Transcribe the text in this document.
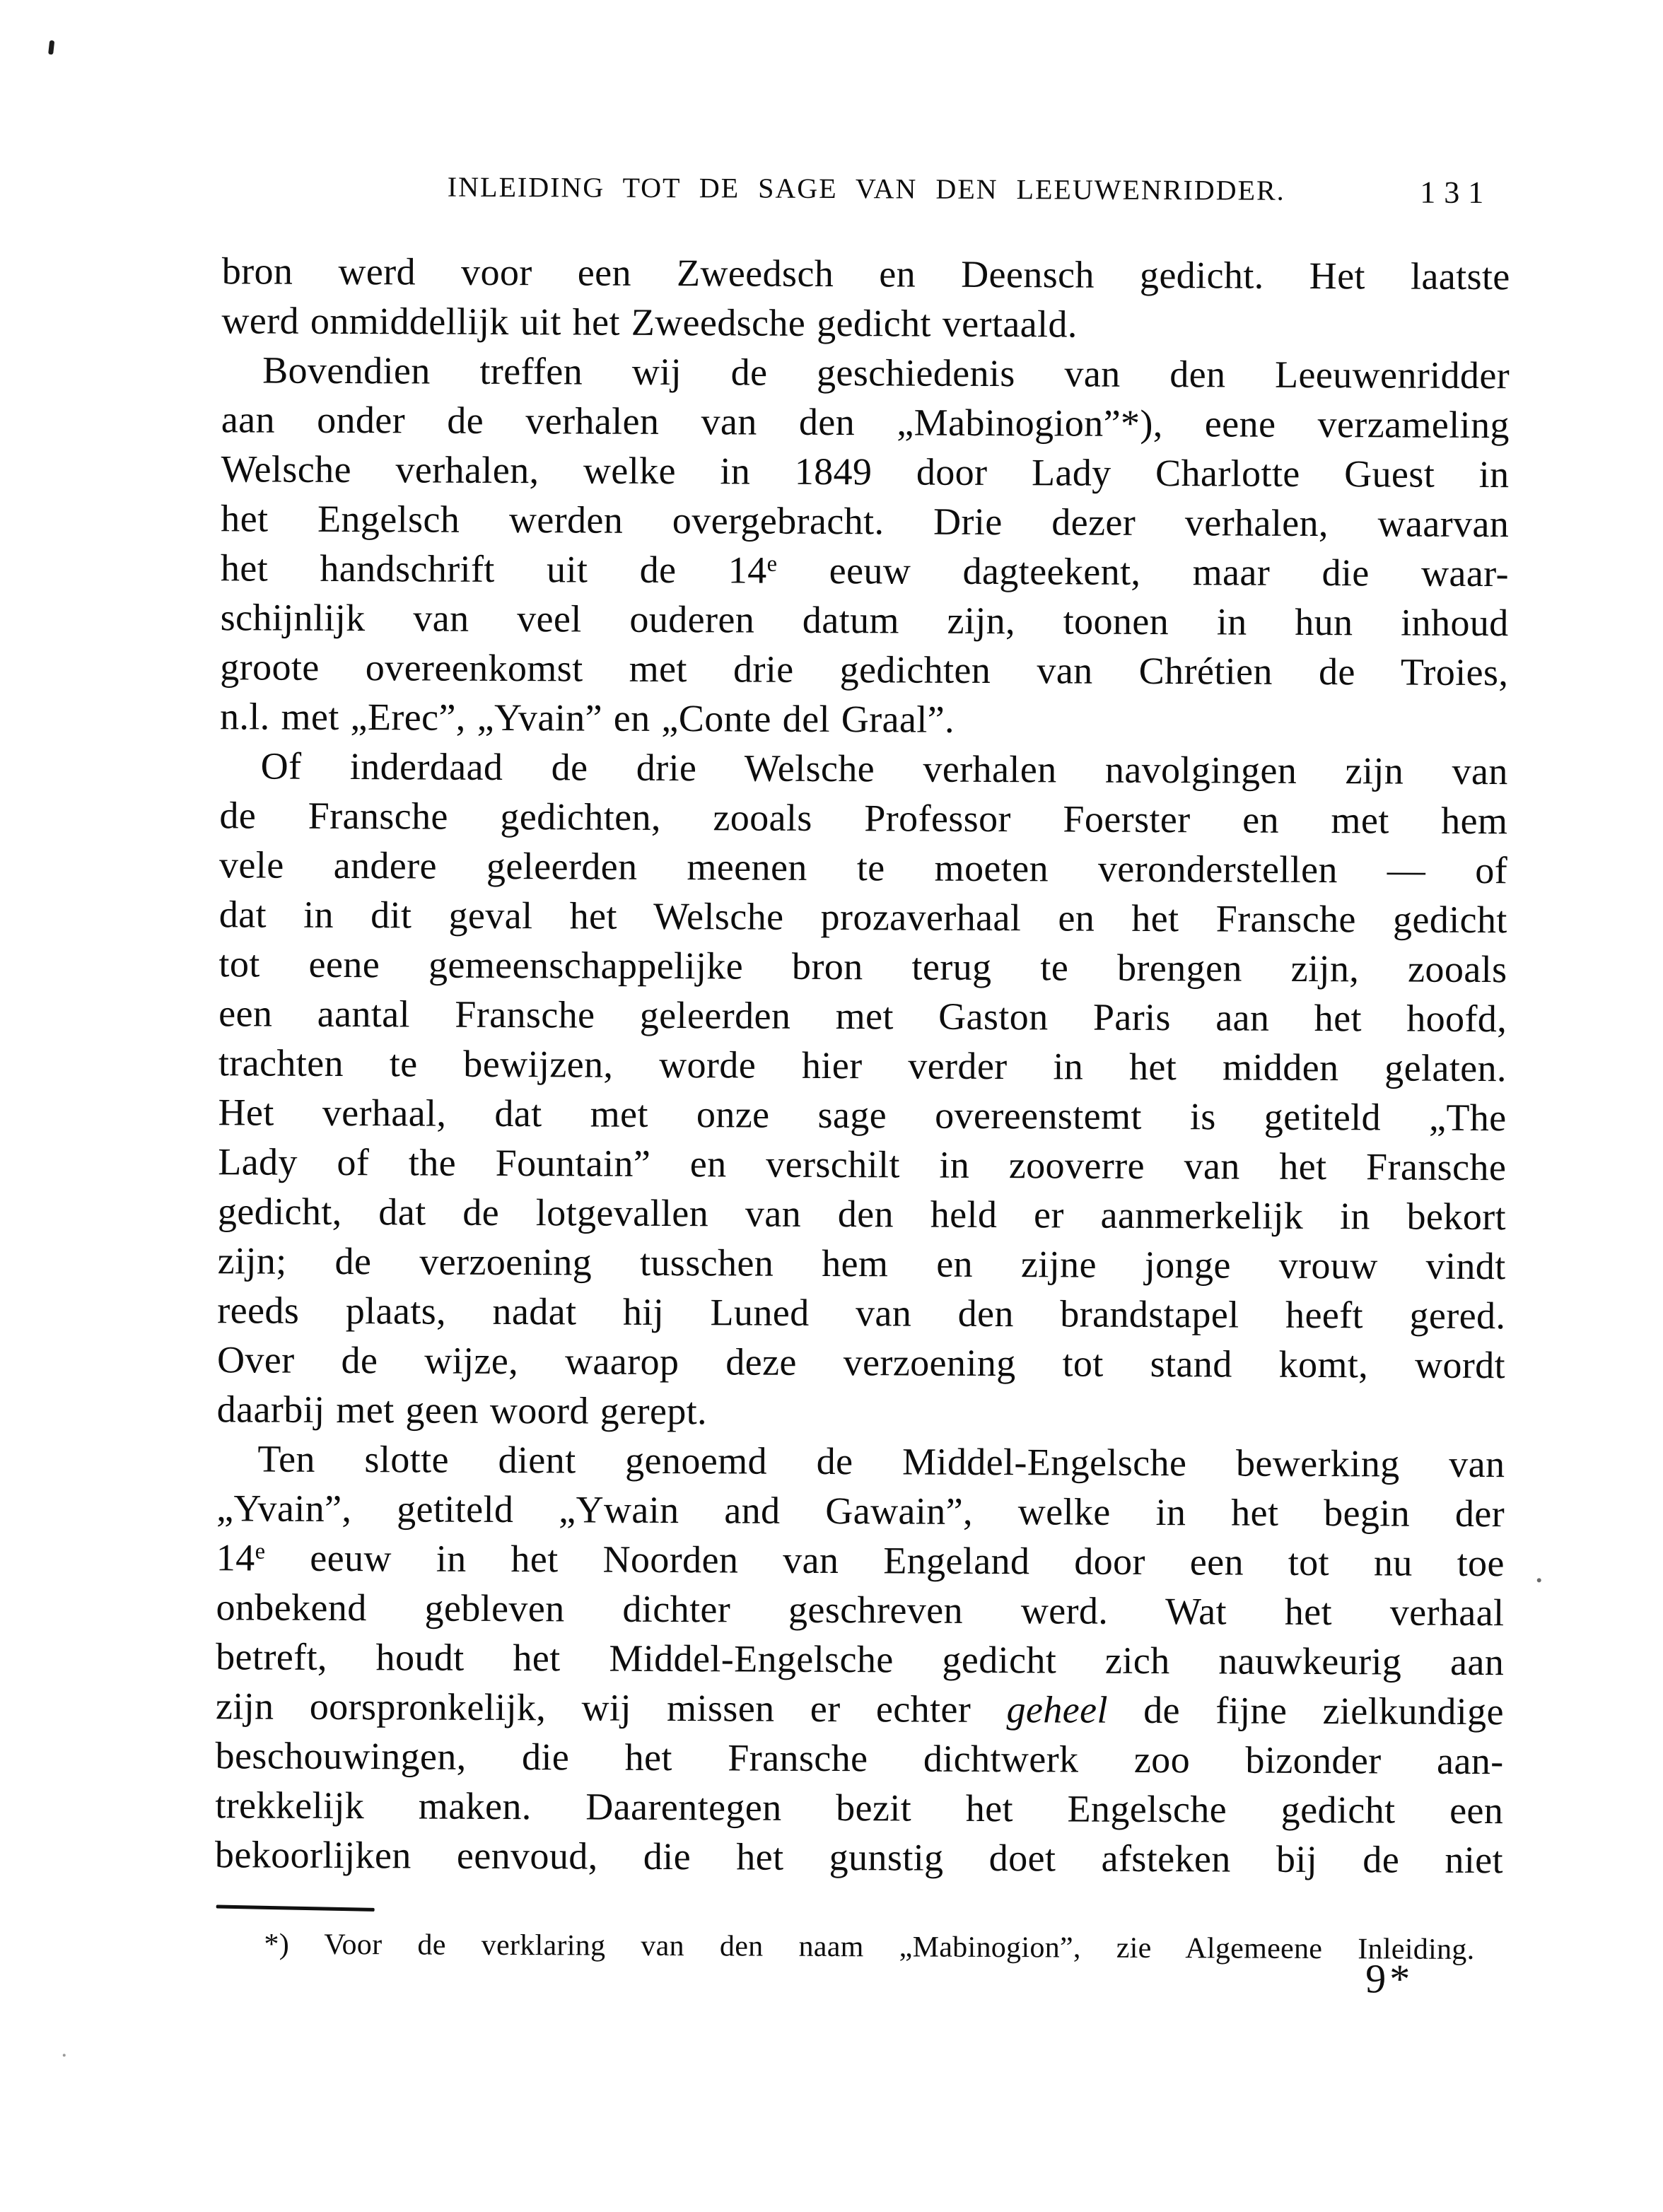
INLEIDING TOT DE SAGE VAN DEN LEEUWENRIDDER.	131
bron werd voor een Zweedsch en Deensch gedicht. Het laatste
werd onmiddellijk uit het Zweedsche gedicht vertaald.
Bovendien treffen wij de geschiedenis van den Leeuwenridder
aan onder de verhalen van den „Mabinogion”*), eene verzameling
Welsche verhalen, welke in 1849 door Lady Charlotte Guest in
het Engelsch werden overgebracht. Drie dezer verhalen, waarvan
het handschrift uit de 14e eeuw dagteekent, maar die waar-
schijnlijk van veel ouderen datum zijn, toonen in hun inhoud
groote overeenkomst met drie gedichten van Chrétien de Troies,
n.l. met „Erec”, „Yvain” en „Conte del Graal”.
Of inderdaad de drie Welsche verhalen navolgingen zijn van
de Fransche gedichten, zooals Professor Foerster en met hem
vele andere geleerden meenen te moeten veronderstellen — of
dat in dit geval het Welsche prozaverhaal en het Fransche gedicht
tot eene gemeenschappelijke bron terug te brengen zijn, zooals
een aantal Fransche geleerden met Gaston Paris aan het hoofd,
trachten te bewijzen, worde hier verder in het midden gelaten.
Het verhaal, dat met onze sage overeenstemt is getiteld „The
Lady of the Fountain” en verschilt in zooverre van het Fransche
gedicht, dat de lotgevallen van den held er aanmerkelijk in bekort
zijn; de verzoening tusschen hem en zijne jonge vrouw vindt
reeds plaats, nadat hij Luned van den brandstapel heeft gered.
Over de wijze, waarop deze verzoening tot stand komt, wordt
daarbij met geen woord gerept.
Ten slotte dient genoemd de Middel-Engelsche bewerking van
„Yvain”, getiteld „Ywain and Gawain”, welke in het begin der
14e eeuw in het Noorden van Engeland door een tot nu toe
onbekend gebleven dichter geschreven werd. Wat het verhaal
betreft, houdt het Middel-Engelsche gedicht zich nauwkeurig aan
zijn oorspronkelijk, wij missen er echter geheel de fijne zielkundige
beschouwingen, die het Fransche dichtwerk zoo bizonder aan-
trekkelijk maken. Daarentegen bezit het Engelsche gedicht een
bekoorlijken eenvoud, die het gunstig doet afsteken bij de niet
*) Voor de verklaring van den naam „Mabinogion”, zie Algemeene Inleiding.
9*
